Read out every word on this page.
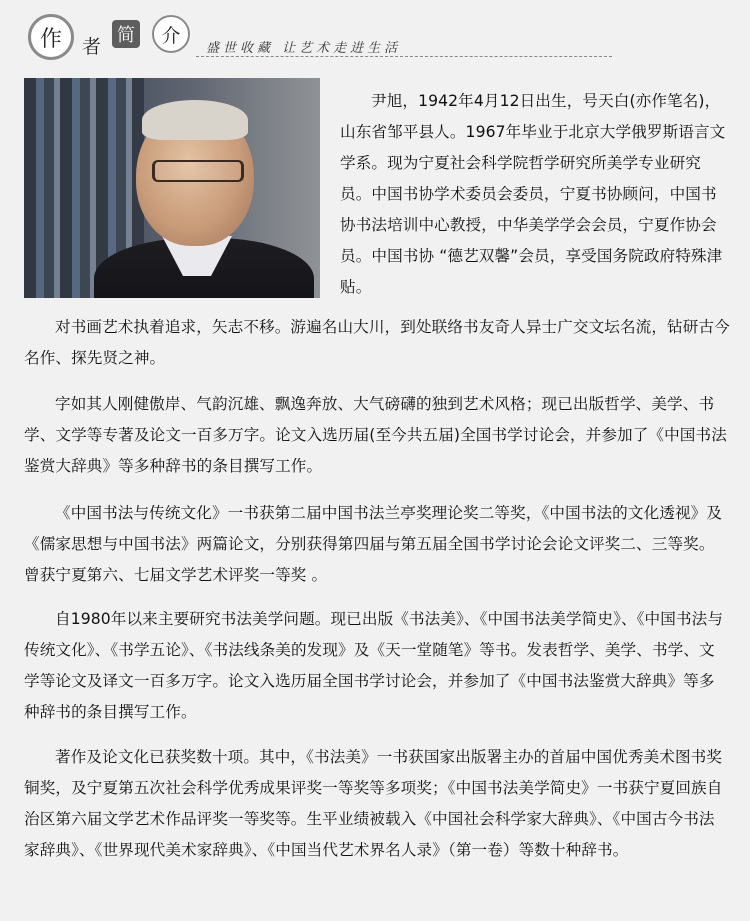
作	者
简	介
盛世收藏 让艺术走进生活

尹旭，1942年4月12日出生，号天白(亦作笔名)，山东省邹平县人。1967年毕业于北京大学俄罗斯语言文学系。现为宁夏社会科学院哲学研究所美学专业研究员。中国书协学术委员会委员，宁夏书协顾问，中国书协书法培训中心教授，中华美学学会会员，宁夏作协会员。中国书协 “德艺双馨”会员，享受国务院政府特殊津贴。

对书画艺术执着追求，矢志不移。游遍名山大川，到处联络书友奇人异士广交文坛名流，钻研古今名作、探先贤之神。

字如其人刚健傲岸、气韵沉雄、飘逸奔放、大气磅礴的独到艺术风格；现已出版哲学、美学、书学、文学等专著及论文一百多万字。论文入选历届(至今共五届)全国书学讨论会，并参加了《中国书法鉴赏大辞典》等多种辞书的条目撰写工作。

《中国书法与传统文化》一书获第二届中国书法兰亭奖理论奖二等奖，《中国书法的文化透视》及《儒家思想与中国书法》两篇论文，分别获得第四届与第五届全国书学讨论会论文评奖二、三等奖。曾获宁夏第六、七届文学艺术评奖一等奖 。

自1980年以来主要研究书法美学问题。现已出版《书法美》、《中国书法美学简史》、《中国书法与传统文化》、《书学五论》、《书法线条美的发现》及《天一堂随笔》等书。发表哲学、美学、书学、文学等论文及译文一百多万字。论文入选历届全国书学讨论会，并参加了《中国书法鉴赏大辞典》等多种辞书的条目撰写工作。

著作及论文化已获奖数十项。其中，《书法美》一书获国家出版署主办的首届中国优秀美术图书奖铜奖，及宁夏第五次社会科学优秀成果评奖一等奖等多项奖；《中国书法美学简史》一书获宁夏回族自治区第六届文学艺术作品评奖一等奖等。生平业绩被载入《中国社会科学家大辞典》、《中国古今书法家辞典》、《世界现代美术家辞典》、《中国当代艺术界名人录》（第一卷）等数十种辞书。
